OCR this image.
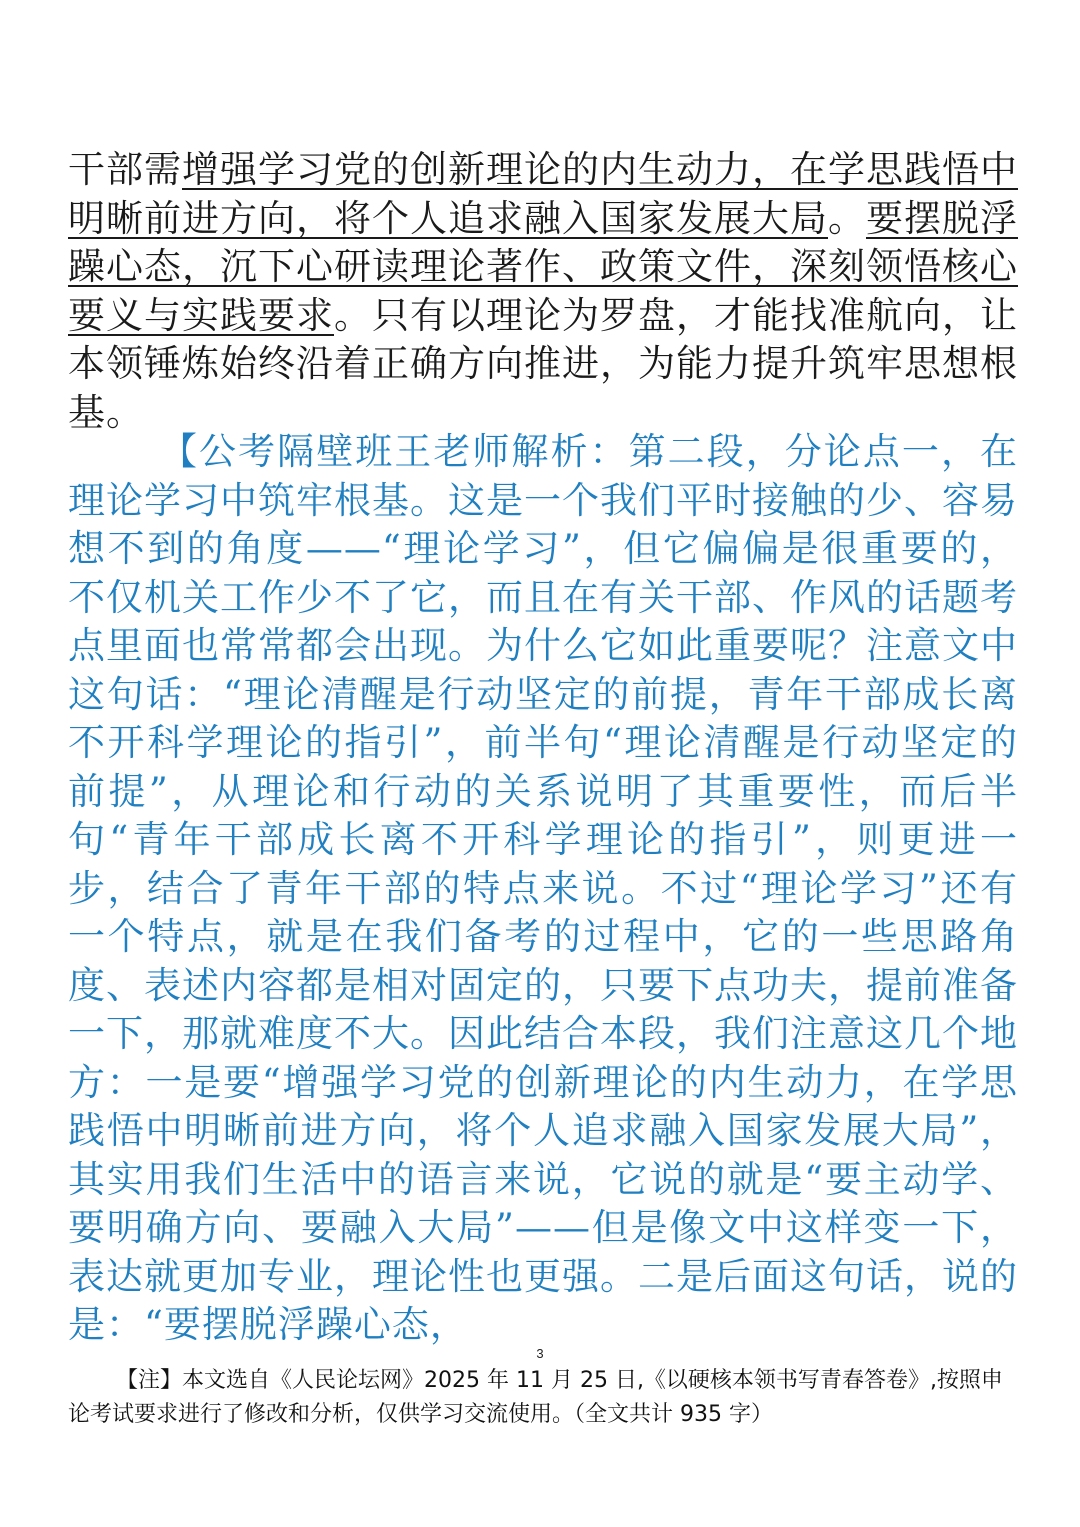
干部需增强学习党的创新理论的内生动力，在学思践悟中明晰前进方向，将个人追求融入国家发展大局。要摆脱浮躁心态，沉下心研读理论著作、政策文件，深刻领悟核心要义与实践要求。只有以理论为罗盘，才能找准航向，让本领锤炼始终沿着正确方向推进，为能力提升筑牢思想根基。
【公考隔壁班王老师解析：第二段，分论点一，在理论学习中筑牢根基。这是一个我们平时接触的少、容易想不到的角度——“理论学习”，但它偏偏是很重要的，不仅机关工作少不了它，而且在有关干部、作风的话题考点里面也常常都会出现。为什么它如此重要呢？注意文中这句话：“理论清醒是行动坚定的前提，青年干部成长离不开科学理论的指引”，前半句“理论清醒是行动坚定的前提”，从理论和行动的关系说明了其重要性，而后半句“青年干部成长离不开科学理论的指引”，则更进一步，结合了青年干部的特点来说。不过“理论学习”还有一个特点，就是在我们备考的过程中，它的一些思路角度、表述内容都是相对固定的，只要下点功夫，提前准备一下，那就难度不大。因此结合本段，我们注意这几个地方：一是要“增强学习党的创新理论的内生动力，在学思践悟中明晰前进方向，将个人追求融入国家发展大局”，其实用我们生活中的语言来说，它说的就是“要主动学、要明确方向、要融入大局”——但是像文中这样变一下，表达就更加专业，理论性也更强。二是后面这句话，说的是：“要摆脱浮躁心态，
3
【注】本文选自《人民论坛网》2025 年 11 月 25 日,《以硬核本领书写青春答卷》,按照申论考试要求进行了修改和分析，仅供学习交流使用。（全文共计 935 字）
